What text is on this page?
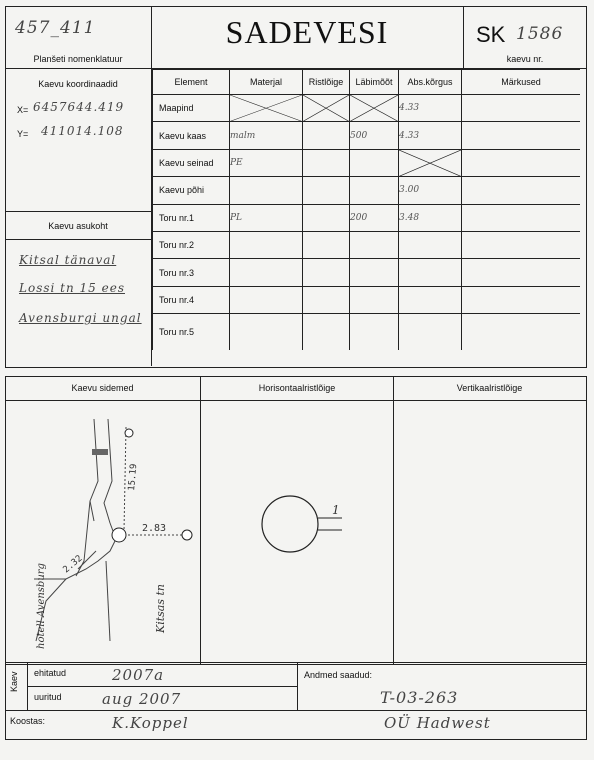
457_411
Planšeti nomenklatuur
SADEVESI	SK 1586
kaevu nr.
Kaevu koordinaadid
X= 6457644.419
Y= 411014.108
Kaevu asukoht
Kitsal tänaval
Lossi tn 15 ees
Avensburgi ungal
Element	Materjal	Ristlõige	Läbimõõt	Abs.kõrgus	Märkused
Maapind				4.33	
Kaevu kaas	malm		500	4.33	
Kaevu seinad	PE			

Kaevu põhi				3.00	
Toru nr.1	PL		200	3.48	
Toru nr.2					
Toru nr.3					
Toru nr.4					
Toru nr.5					
Kaevu sidemed	Horisontaalristlõige	Vertikaalristlõige
2.83
2.32
15.19
Kitsas tn
hotell Avensburg
1
Kaev ehitatud	2007a
uuritud	aug 2007
Andmed saadud:
T-03-263
Koostas:	K.Koppel	OÜ Hadwest
